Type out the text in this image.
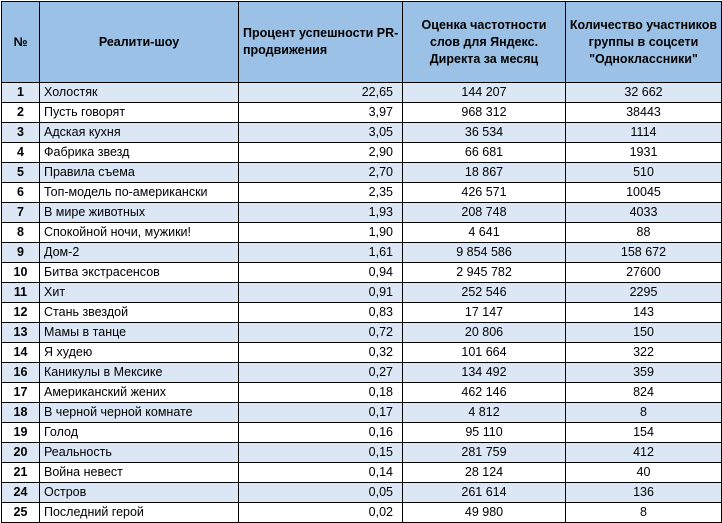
№	Реалити-шоу	Процент успешности PR-продвижения	Оценка частотности слов для Яндекс. Директа за месяц	Количество участников группы в соцсети "Одноклассники"
1	Холостяк	22,65	144 207	32 662
2	Пусть говорят	3,97	968 312	38443
3	Адская кухня	3,05	36 534	1114
4	Фабрика звезд	2,90	66 681	1931
5	Правила съема	2,70	18 867	510
6	Топ-модель по-американски	2,35	426 571	10045
7	В мире животных	1,93	208 748	4033
8	Спокойной ночи, мужики!	1,90	4 641	88
9	Дом-2	1,61	9 854 586	158 672
10	Битва экстрасенсов	0,94	2 945 782	27600
11	Хит	0,91	252 546	2295
12	Стань звездой	0,83	17 147	143
13	Мамы в танце	0,72	20 806	150
14	Я худею	0,32	101 664	322
16	Каникулы в Мексике	0,27	134 492	359
17	Американский жених	0,18	462 146	824
18	В черной черной комнате	0,17	4 812	8
19	Голод	0,16	95 110	154
20	Реальность	0,15	281 759	412
21	Война невест	0,14	28 124	40
24	Остров	0,05	261 614	136
25	Последний герой	0,02	49 980	8
